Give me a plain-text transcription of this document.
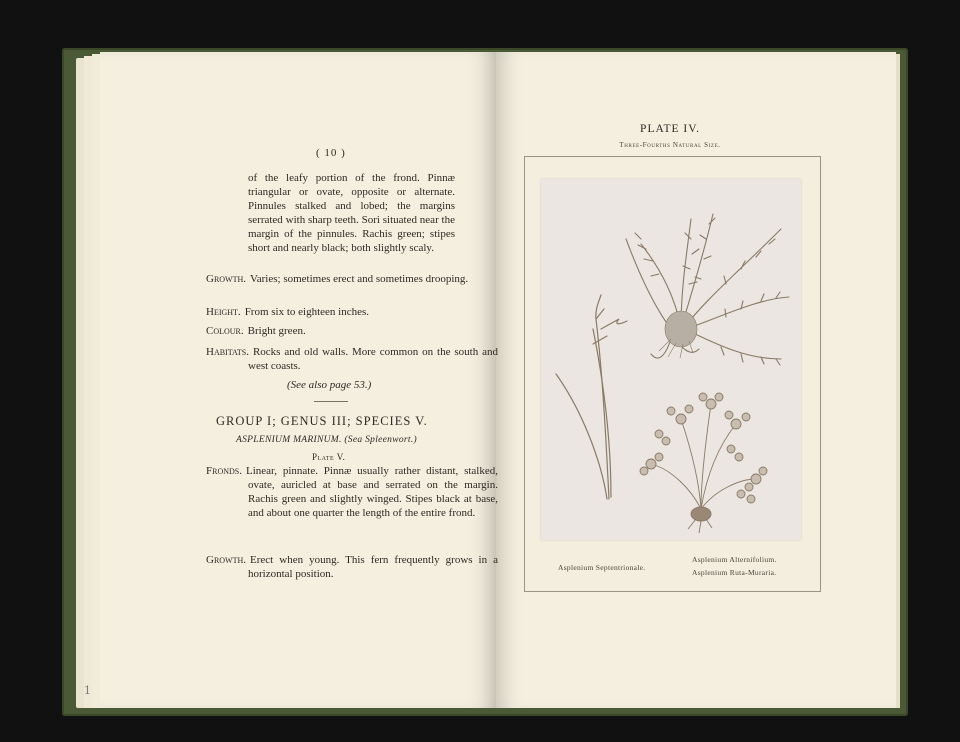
1
( 10 )
of the leafy portion of the frond. Pinnæ triangular or ovate, opposite or alternate. Pinnules stalked and lobed; the margins serrated with sharp teeth. Sori situated near the margin of the pinnules. Rachis green; stipes short and nearly black; both slightly scaly.
Growth. Varies; sometimes erect and sometimes drooping.
Height. From six to eighteen inches.
Colour. Bright green.
Habitats. Rocks and old walls. More common on the south and west coasts.
(See also page 53.)
GROUP I; GENUS III; SPECIES V.
ASPLENIUM MARINUM. (Sea Spleenwort.)
Plate V.
Fronds. Linear, pinnate. Pinnæ usually rather distant, stalked, ovate, auricled at base and serrated on the margin. Rachis green and slightly winged. Stipes black at base, and about one quarter the length of the entire frond.
Growth. Erect when young. This fern frequently grows in a horizontal position.
PLATE IV.
Three-Fourths Natural Size.
Asplenium Septentrionale.
Asplenium Alternifolium.
Asplenium Ruta-Muraria.
